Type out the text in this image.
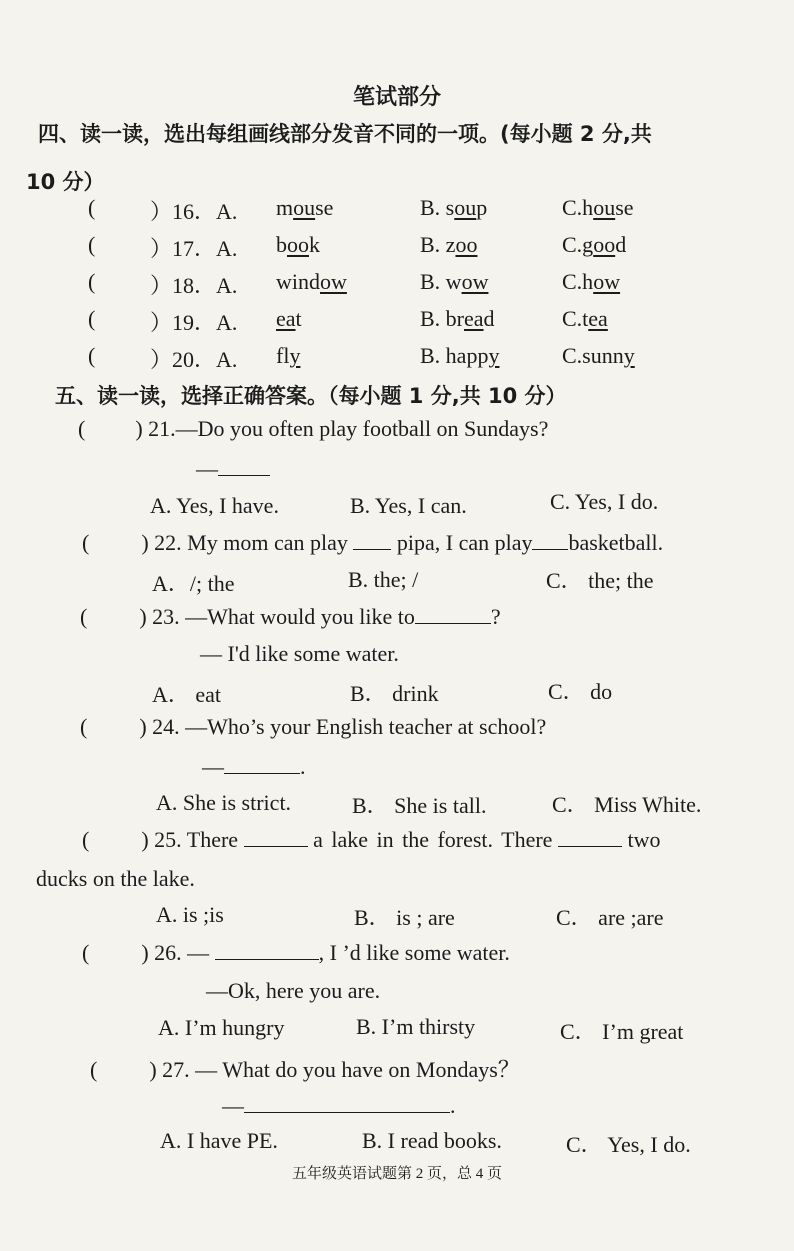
笔试部分
四、读一读，选出每组画线部分发音不同的一项。(每小题 2 分,共
10 分）
( ）16．A. mouse	B. soup	C.house
( ）17．A. book	B. zoo	C.good
( ）18．A. window	B. wow	C.how
( ）19．A. eat	B. bread	C.tea
( ）20．A. fly	B. happy	C.sunny
五、读一读，选择正确答案。（每小题 1 分,共 10 分）
( ) 21.—Do you often play football on Sundays?
—
A. Yes, I have.	B. Yes, I can.	C. Yes, I do.
( ) 22. My mom can play pipa, I can play basketball.
A．/; the	B. the; /	C． the; the
( ) 23. —What would you like to	?
— I'd like some water.
A． eat	B． drink	C． do
( ) 24. —Who’s your English teacher at school?
—	.
A. She is strict.	B． She is tall.	C． Miss White.
( ) 25. There	a lake in the forest. There	two
ducks on the lake.
A. is ;is	B． is ; are	C． are ;are
( ) 26. —	, I ’d like some water.
—Ok, here you are.
A. I’m hungry	B. I’m thirsty	C． I’m great
( ) 27. — What do you have on Mondays？
—	.
A. I have PE.	B. I read books.	C． Yes, I do.
五年级英语试题第 2 页，总 4 页
